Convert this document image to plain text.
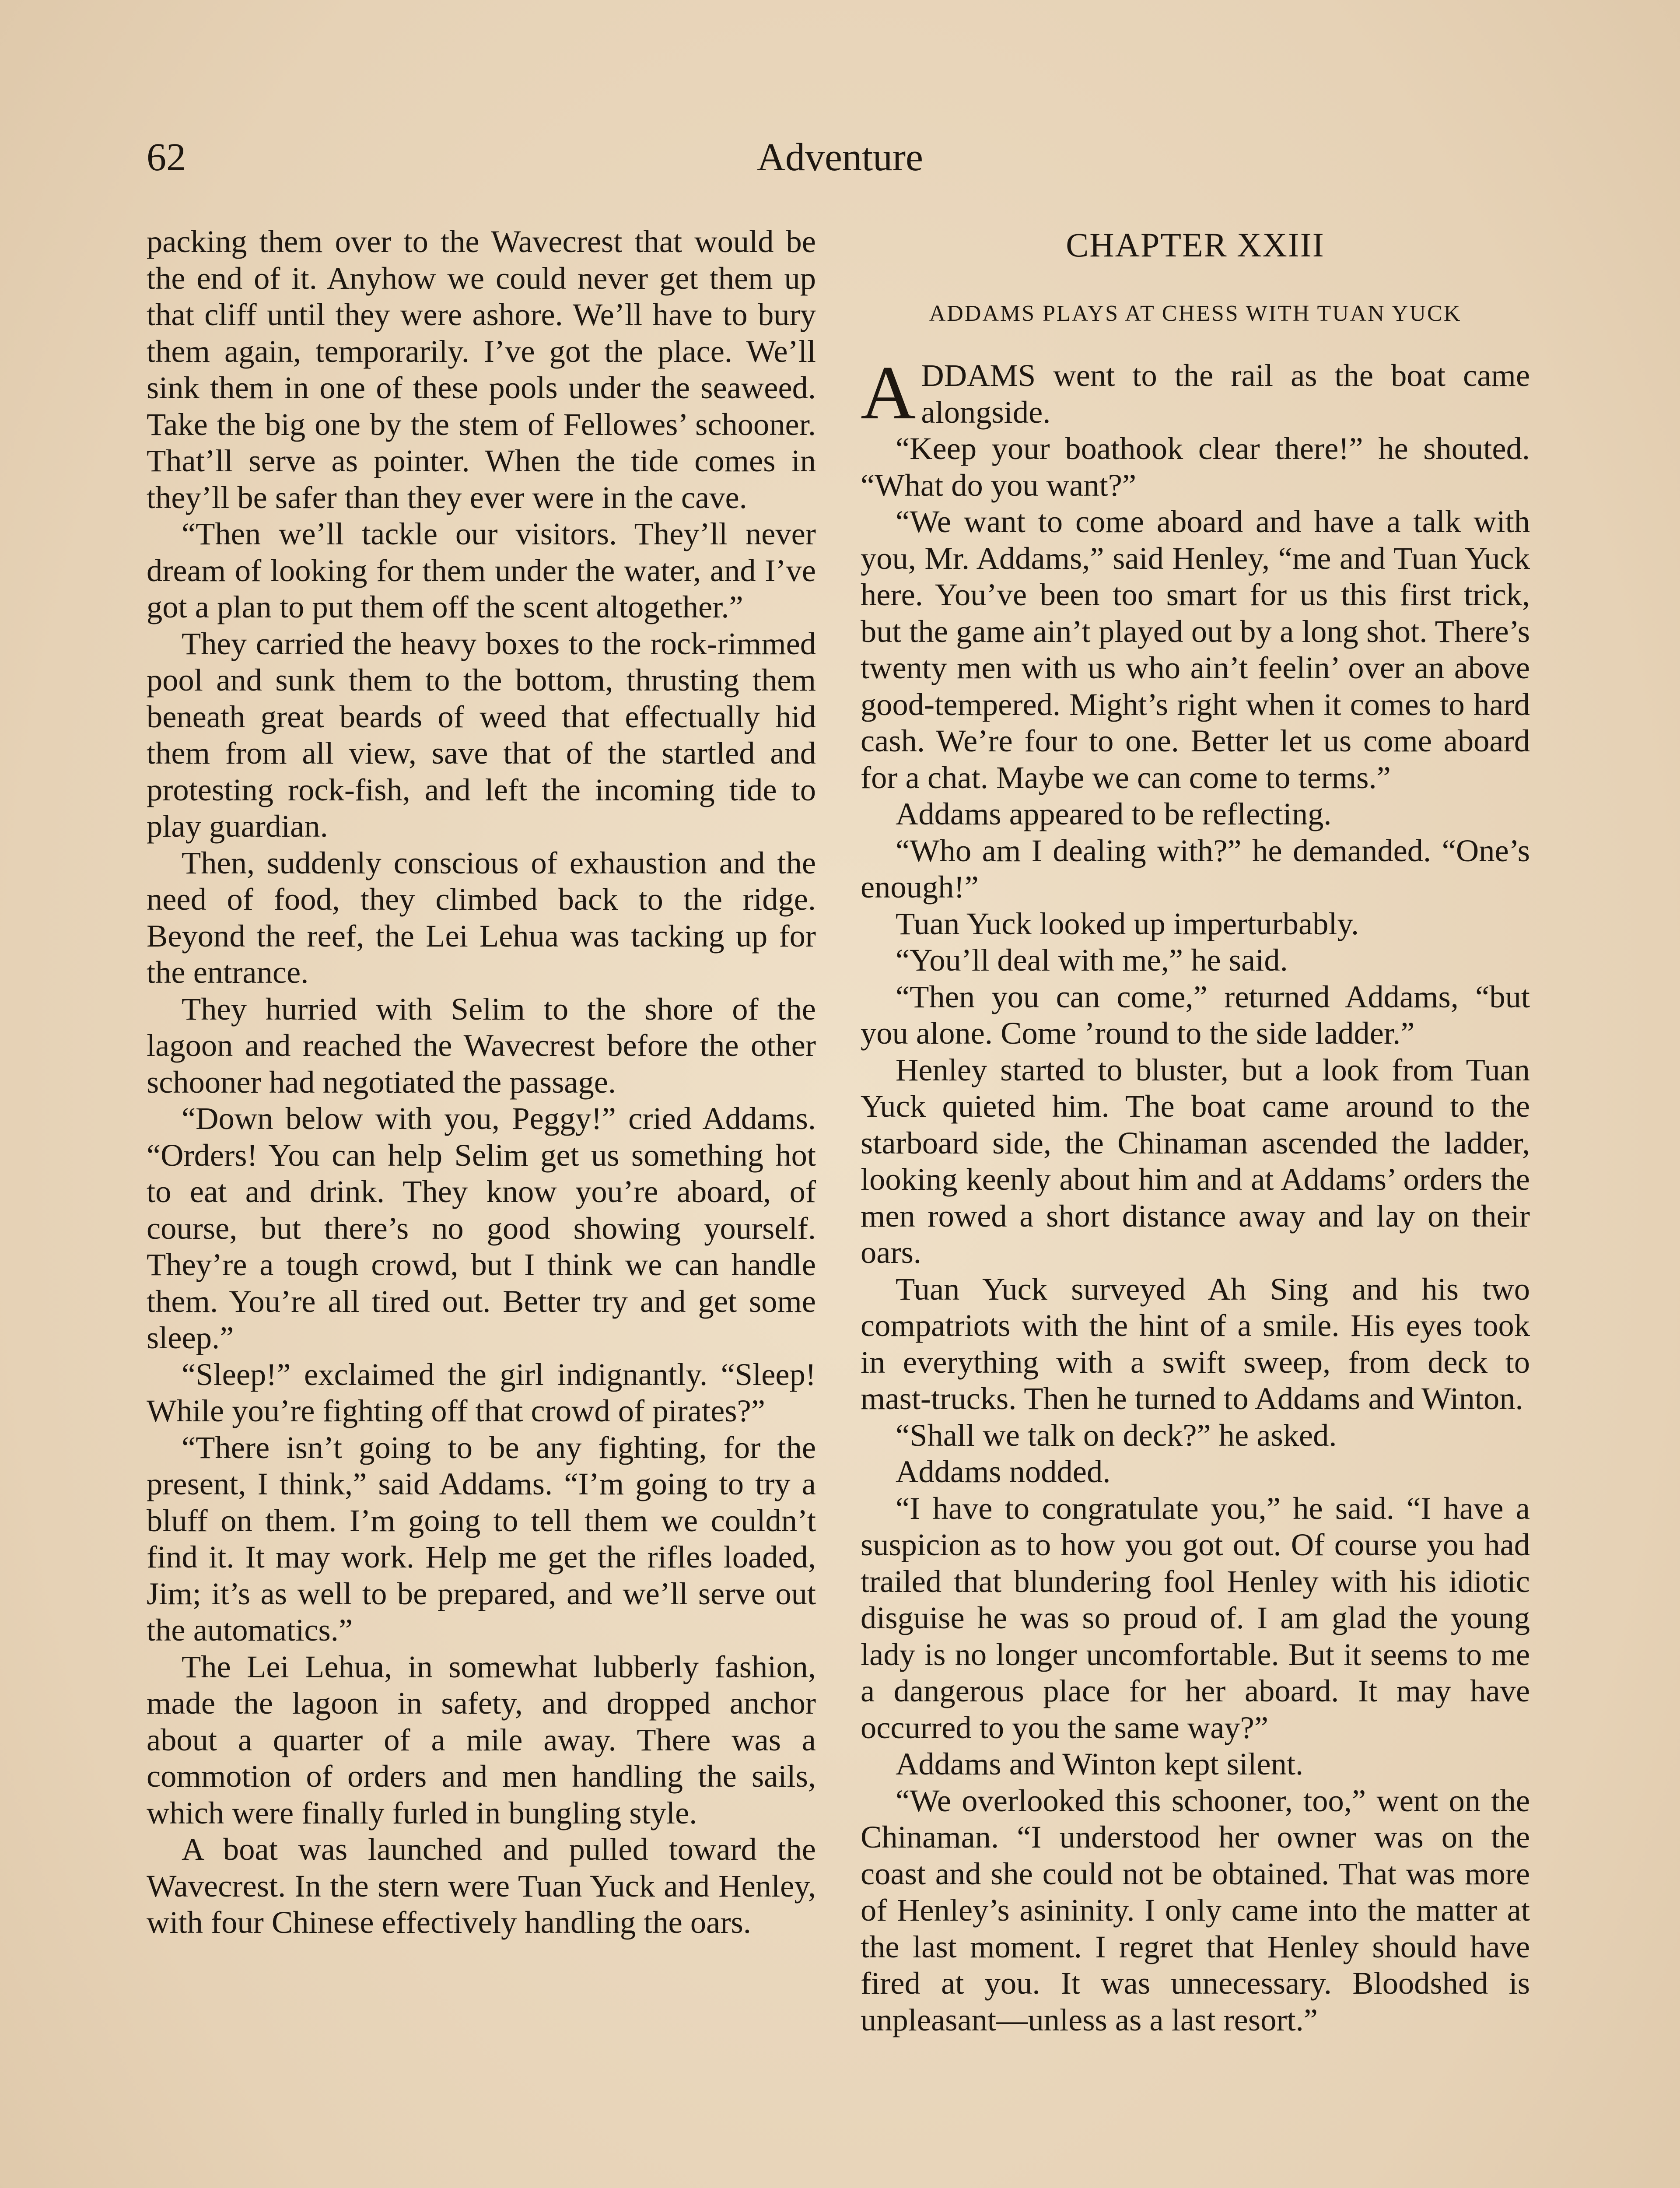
62	Adventure

packing them over to the Wavecrest that would be the end of it. Anyhow we could never get them up that cliff until they were ashore. We’ll have to bury them again, temporarily. I’ve got the place. We’ll sink them in one of these pools under the seaweed. Take the big one by the stem of Fellowes’ schooner. That’ll serve as pointer. When the tide comes in they’ll be safer than they ever were in the cave.

“Then we’ll tackle our visitors. They’ll never dream of looking for them under the water, and I’ve got a plan to put them off the scent altogether.”

They carried the heavy boxes to the rock-rimmed pool and sunk them to the bottom, thrusting them beneath great beards of weed that effectually hid them from all view, save that of the startled and protesting rock-fish, and left the incoming tide to play guardian.

Then, suddenly conscious of exhaustion and the need of food, they climbed back to the ridge. Beyond the reef, the Lei Lehua was tacking up for the entrance.

They hurried with Selim to the shore of the lagoon and reached the Wavecrest before the other schooner had negotiated the passage.

“Down below with you, Peggy!” cried Addams. “Orders! You can help Selim get us something hot to eat and drink. They know you’re aboard, of course, but there’s no good showing yourself. They’re a tough crowd, but I think we can handle them. You’re all tired out. Better try and get some sleep.”

“Sleep!” exclaimed the girl indignantly. “Sleep! While you’re fighting off that crowd of pirates?”

“There isn’t going to be any fighting, for the present, I think,” said Addams. “I’m going to try a bluff on them. I’m going to tell them we couldn’t find it. It may work. Help me get the rifles loaded, Jim; it’s as well to be prepared, and we’ll serve out the automatics.”

The Lei Lehua, in somewhat lubberly fashion, made the lagoon in safety, and dropped anchor about a quarter of a mile away. There was a commotion of orders and men handling the sails, which were finally furled in bungling style.

A boat was launched and pulled toward the Wavecrest. In the stern were Tuan Yuck and Henley, with four Chinese effectively handling the oars.

CHAPTER XXIII
ADDAMS PLAYS AT CHESS WITH TUAN YUCK

ADDAMS went to the rail as the boat came alongside.

“Keep your boathook clear there!” he shouted. “What do you want?”

“We want to come aboard and have a talk with you, Mr. Addams,” said Henley, “me and Tuan Yuck here. You’ve been too smart for us this first trick, but the game ain’t played out by a long shot. There’s twenty men with us who ain’t feelin’ over an above good-tempered. Might’s right when it comes to hard cash. We’re four to one. Better let us come aboard for a chat. Maybe we can come to terms.”

Addams appeared to be reflecting.

“Who am I dealing with?” he demanded. “One’s enough!”

Tuan Yuck looked up imperturbably.

“You’ll deal with me,” he said.

“Then you can come,” returned Addams, “but you alone. Come ’round to the side ladder.”

Henley started to bluster, but a look from Tuan Yuck quieted him. The boat came around to the starboard side, the Chinaman ascended the ladder, looking keenly about him and at Addams’ orders the men rowed a short distance away and lay on their oars.

Tuan Yuck surveyed Ah Sing and his two compatriots with the hint of a smile. His eyes took in everything with a swift sweep, from deck to mast-trucks. Then he turned to Addams and Winton.

“Shall we talk on deck?” he asked.

Addams nodded.

“I have to congratulate you,” he said. “I have a suspicion as to how you got out. Of course you had trailed that blundering fool Henley with his idiotic disguise he was so proud of. I am glad the young lady is no longer uncomfortable. But it seems to me a dangerous place for her aboard. It may have occurred to you the same way?”

Addams and Winton kept silent.

“We overlooked this schooner, too,” went on the Chinaman. “I understood her owner was on the coast and she could not be obtained. That was more of Henley’s asininity. I only came into the matter at the last moment. I regret that Henley should have fired at you. It was unnecessary. Bloodshed is unpleasant—unless as a last resort.”
